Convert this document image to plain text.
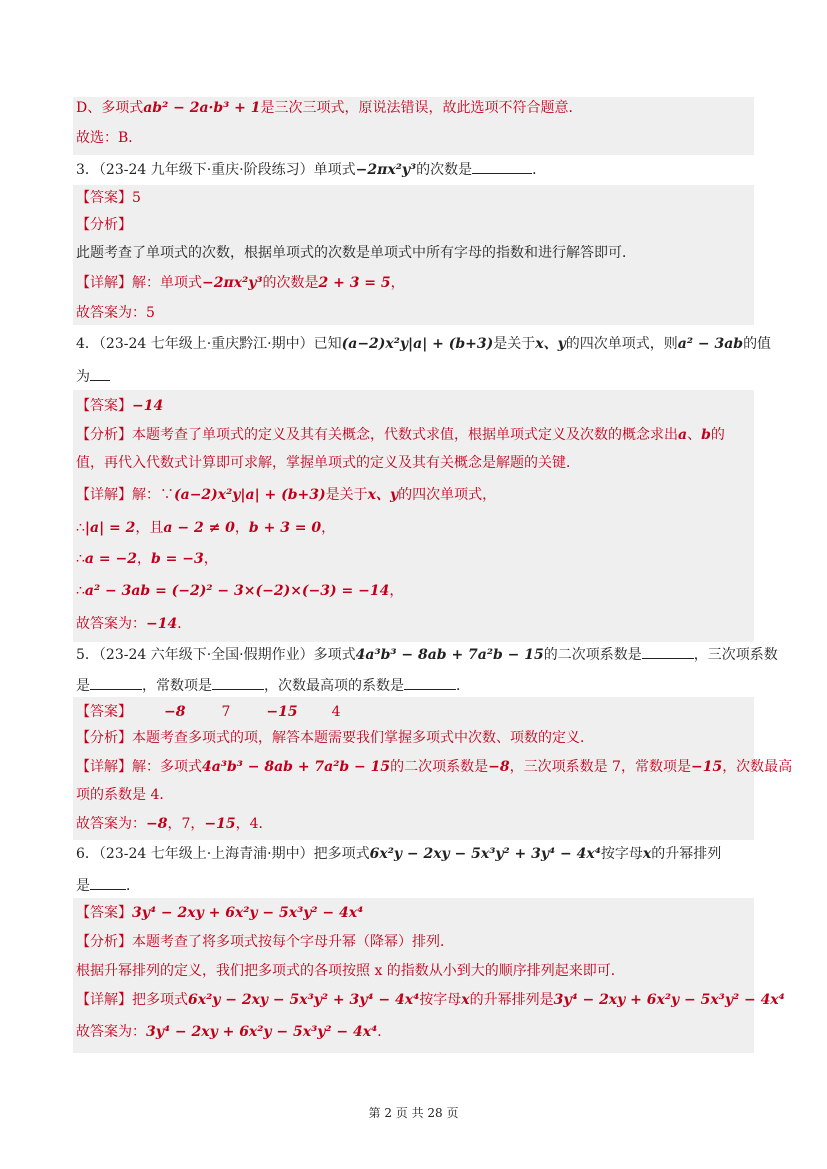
D、多项式ab² − 2a·b³ + 1是三次三项式，原说法错误，故此选项不符合题意．
故选：B．
3．（23-24 九年级下·重庆·阶段练习）单项式−2πx²y³的次数是	．
【答案】5
【分析】
此题考查了单项式的次数，根据单项式的次数是单项式中所有字母的指数和进行解答即可．
【详解】解：单项式−2πx²y³的次数是2 + 3 = 5，
故答案为：5
4．（23-24 七年级上·重庆黔江·期中）已知(a−2)x²y|a| + (b+3)是关于x、y的四次单项式，则a² − 3ab的值
为
【答案】−14
【分析】本题考查了单项式的定义及其有关概念，代数式求值，根据单项式定义及次数的概念求出a、b的
值，再代入代数式计算即可求解，掌握单项式的定义及其有关概念是解题的关键．
【详解】解：∵(a−2)x²y|a| + (b+3)是关于x、y的四次单项式，
∴|a| = 2，且a − 2 ≠ 0，b + 3 = 0，
∴a = −2，b = −3，
∴a² − 3ab = (−2)² − 3×(−2)×(−3) = −14，
故答案为：−14．
5．（23-24 六年级下·全国·假期作业）多项式4a³b³ − 8ab + 7a²b − 15的二次项系数是	，三次项系数
是	，常数项是	，次数最高项的系数是	．
【答案】 −8	7	−15 4
【分析】本题考查多项式的项，解答本题需要我们掌握多项式中次数、项数的定义．
【详解】解：多项式4a³b³ − 8ab + 7a²b − 15的二次项系数是−8，三次项系数是 7，常数项是−15，次数最高
项的系数是 4．
故答案为：−8，7，−15，4．
6．（23-24 七年级上·上海青浦·期中）把多项式6x²y − 2xy − 5x³y² + 3y⁴ − 4x⁴按字母x的升幂排列
是	．
【答案】3y⁴ − 2xy + 6x²y − 5x³y² − 4x⁴
【分析】本题考查了将多项式按每个字母升幂（降幂）排列．
根据升幂排列的定义，我们把多项式的各项按照 x 的指数从小到大的顺序排列起来即可．
【详解】把多项式6x²y − 2xy − 5x³y² + 3y⁴ − 4x⁴按字母x的升幂排列是3y⁴ − 2xy + 6x²y − 5x³y² − 4x⁴
故答案为：3y⁴ − 2xy + 6x²y − 5x³y² − 4x⁴．
第 2 页 共 28 页
